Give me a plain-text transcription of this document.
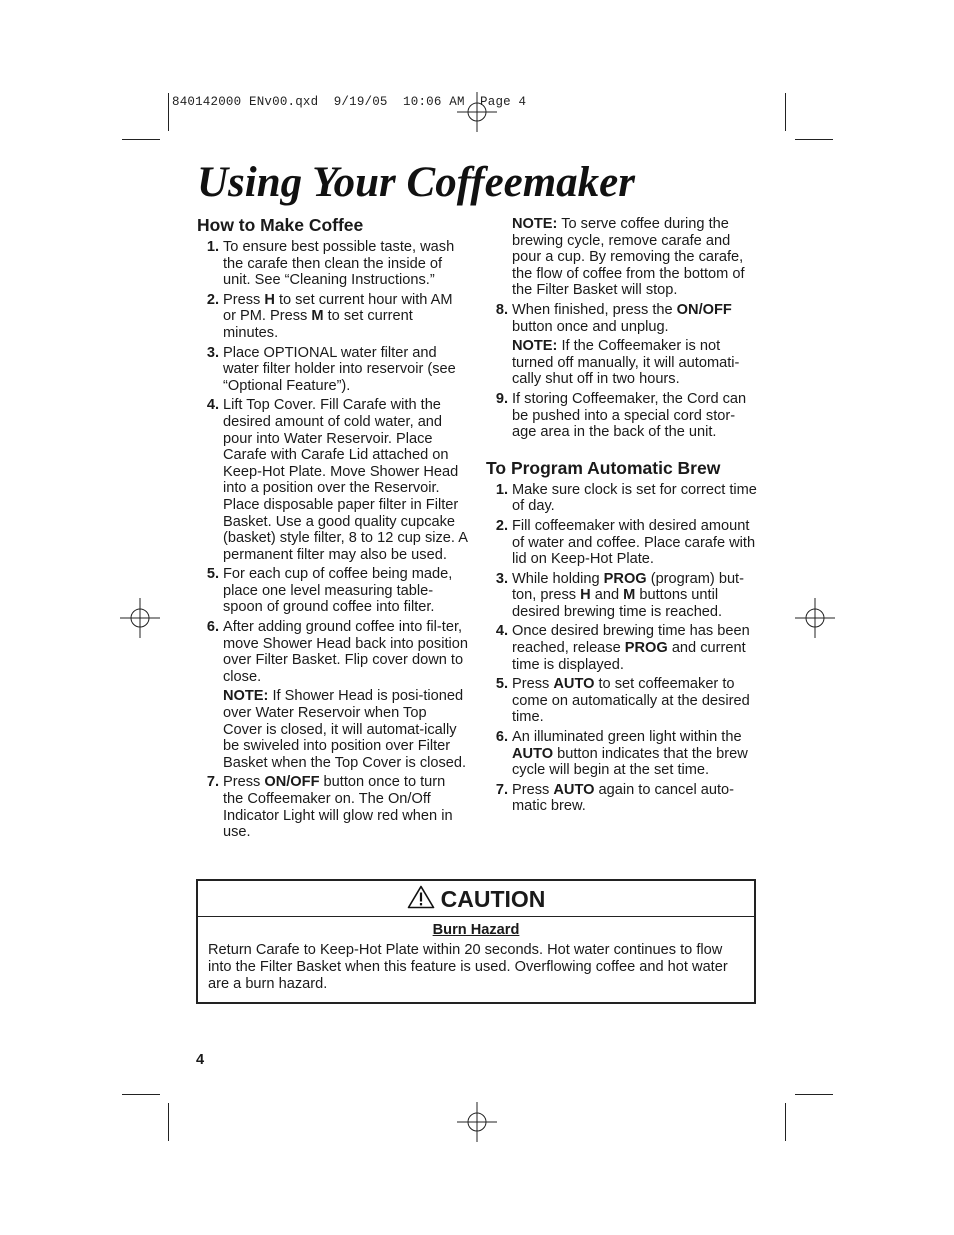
840142000 ENv00.qxd  9/19/05  10:06 AM  Page 4
Using Your Coffeemaker
How to Make Coffee
1. To ensure best possible taste, wash the carafe then clean the inside of unit. See “Cleaning Instructions.”
2. Press H to set current hour with AM or PM. Press M to set current minutes.
3. Place OPTIONAL water filter and water filter holder into reservoir (see “Optional Feature”).
4. Lift Top Cover. Fill Carafe with the desired amount of cold water, and pour into Water Reservoir. Place Carafe with Carafe Lid attached on Keep-Hot Plate. Move Shower Head into a position over the Reservoir. Place disposable paper filter in Filter Basket. Use a good quality cupcake (basket) style filter, 8 to 12 cup size. A permanent filter may also be used.
5. For each cup of coffee being made, place one level measuring table-spoon of ground coffee into filter.
6. After adding ground coffee into fil-ter, move Shower Head back into position over Filter Basket. Flip cover down to close.
NOTE: If Shower Head is posi-tioned over Water Reservoir when Top Cover is closed, it will automat-ically be swiveled into position over Filter Basket when the Top Cover is closed.
7. Press ON/OFF button once to turn the Coffeemaker on. The On/Off Indicator Light will glow red when in use.
NOTE: To serve coffee during the brewing cycle, remove carafe and pour a cup. By removing the carafe, the flow of coffee from the bottom of the Filter Basket will stop.
8. When finished, press the ON/OFF button once and unplug.
NOTE: If the Coffeemaker is not turned off manually, it will automati-cally shut off in two hours.
9. If storing Coffeemaker, the Cord can be pushed into a special cord stor-age area in the back of the unit.
To Program Automatic Brew
1. Make sure clock is set for correct time of day.
2. Fill coffeemaker with desired amount of water and coffee. Place carafe with lid on Keep-Hot Plate.
3. While holding PROG (program) but-ton, press H and M buttons until desired brewing time is reached.
4. Once desired brewing time has been reached, release PROG and current time is displayed.
5. Press AUTO to set coffeemaker to come on automatically at the desired time.
6. An illuminated green light within the AUTO button indicates that the brew cycle will begin at the set time.
7. Press AUTO again to cancel auto-matic brew.
CAUTION
Burn Hazard
Return Carafe to Keep-Hot Plate within 20 seconds. Hot water continues to flow into the Filter Basket when this feature is used. Overflowing coffee and hot water are a burn hazard.
4
